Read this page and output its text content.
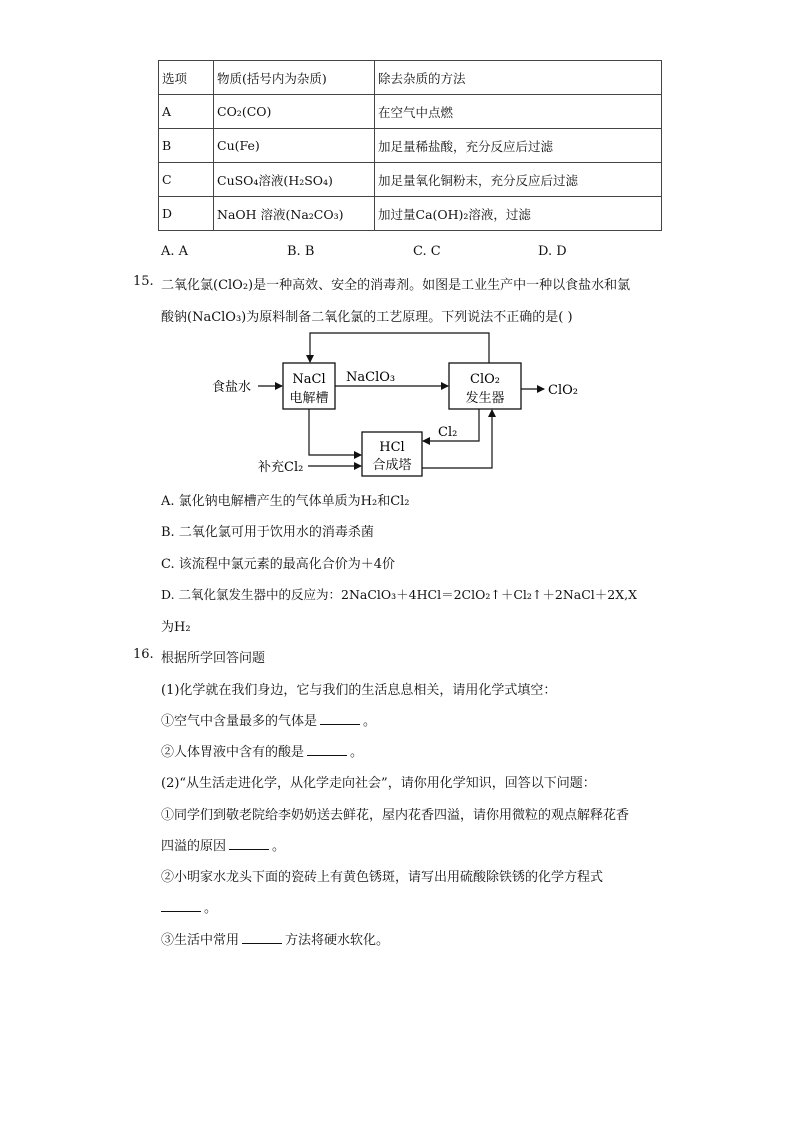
选项	物质(括号内为杂质)	除去杂质的方法
A	CO₂(CO)	在空气中点燃
B	Cu(Fe)	加足量稀盐酸，充分反应后过滤
C	CuSO₄溶液(H₂SO₄)	加足量氧化铜粉末，充分反应后过滤
D	NaOH 溶液(Na₂CO₃)	加过量Ca(OH)₂溶液，过滤
A. A	B. B	C. C	D. D
15. 二氧化氯(ClO₂)是一种高效、安全的消毒剂。如图是工业生产中一种以食盐水和氯
酸钠(NaClO₃)为原料制备二氧化氯的工艺原理。下列说法不正确的是( )
NaCl
电解槽
ClO₂
发生器
HCl
合成塔
食盐水
NaClO₃
ClO₂
补充Cl₂
Cl₂
A. 氯化钠电解槽产生的气体单质为H₂和Cl₂
B. 二氧化氯可用于饮用水的消毒杀菌
C. 该流程中氯元素的最高化合价为＋4价
D. 二氧化氯发生器中的反应为：2NaClO₃＋4HCl＝2ClO₂↑＋Cl₂↑＋2NaCl＋2X,X
为H₂
16. 根据所学回答问题
(1)化学就在我们身边，它与我们的生活息息相关，请用化学式填空：
①空气中含量最多的气体是	。
②人体胃液中含有的酸是	。
(2)“从生活走进化学，从化学走向社会”，请你用化学知识，回答以下问题：
①同学们到敬老院给李奶奶送去鲜花，屋内花香四溢，请你用微粒的观点解释花香
四溢的原因	。
②小明家水龙头下面的瓷砖上有黄色锈斑，请写出用硫酸除铁锈的化学方程式
。
③生活中常用	方法将硬水软化。
